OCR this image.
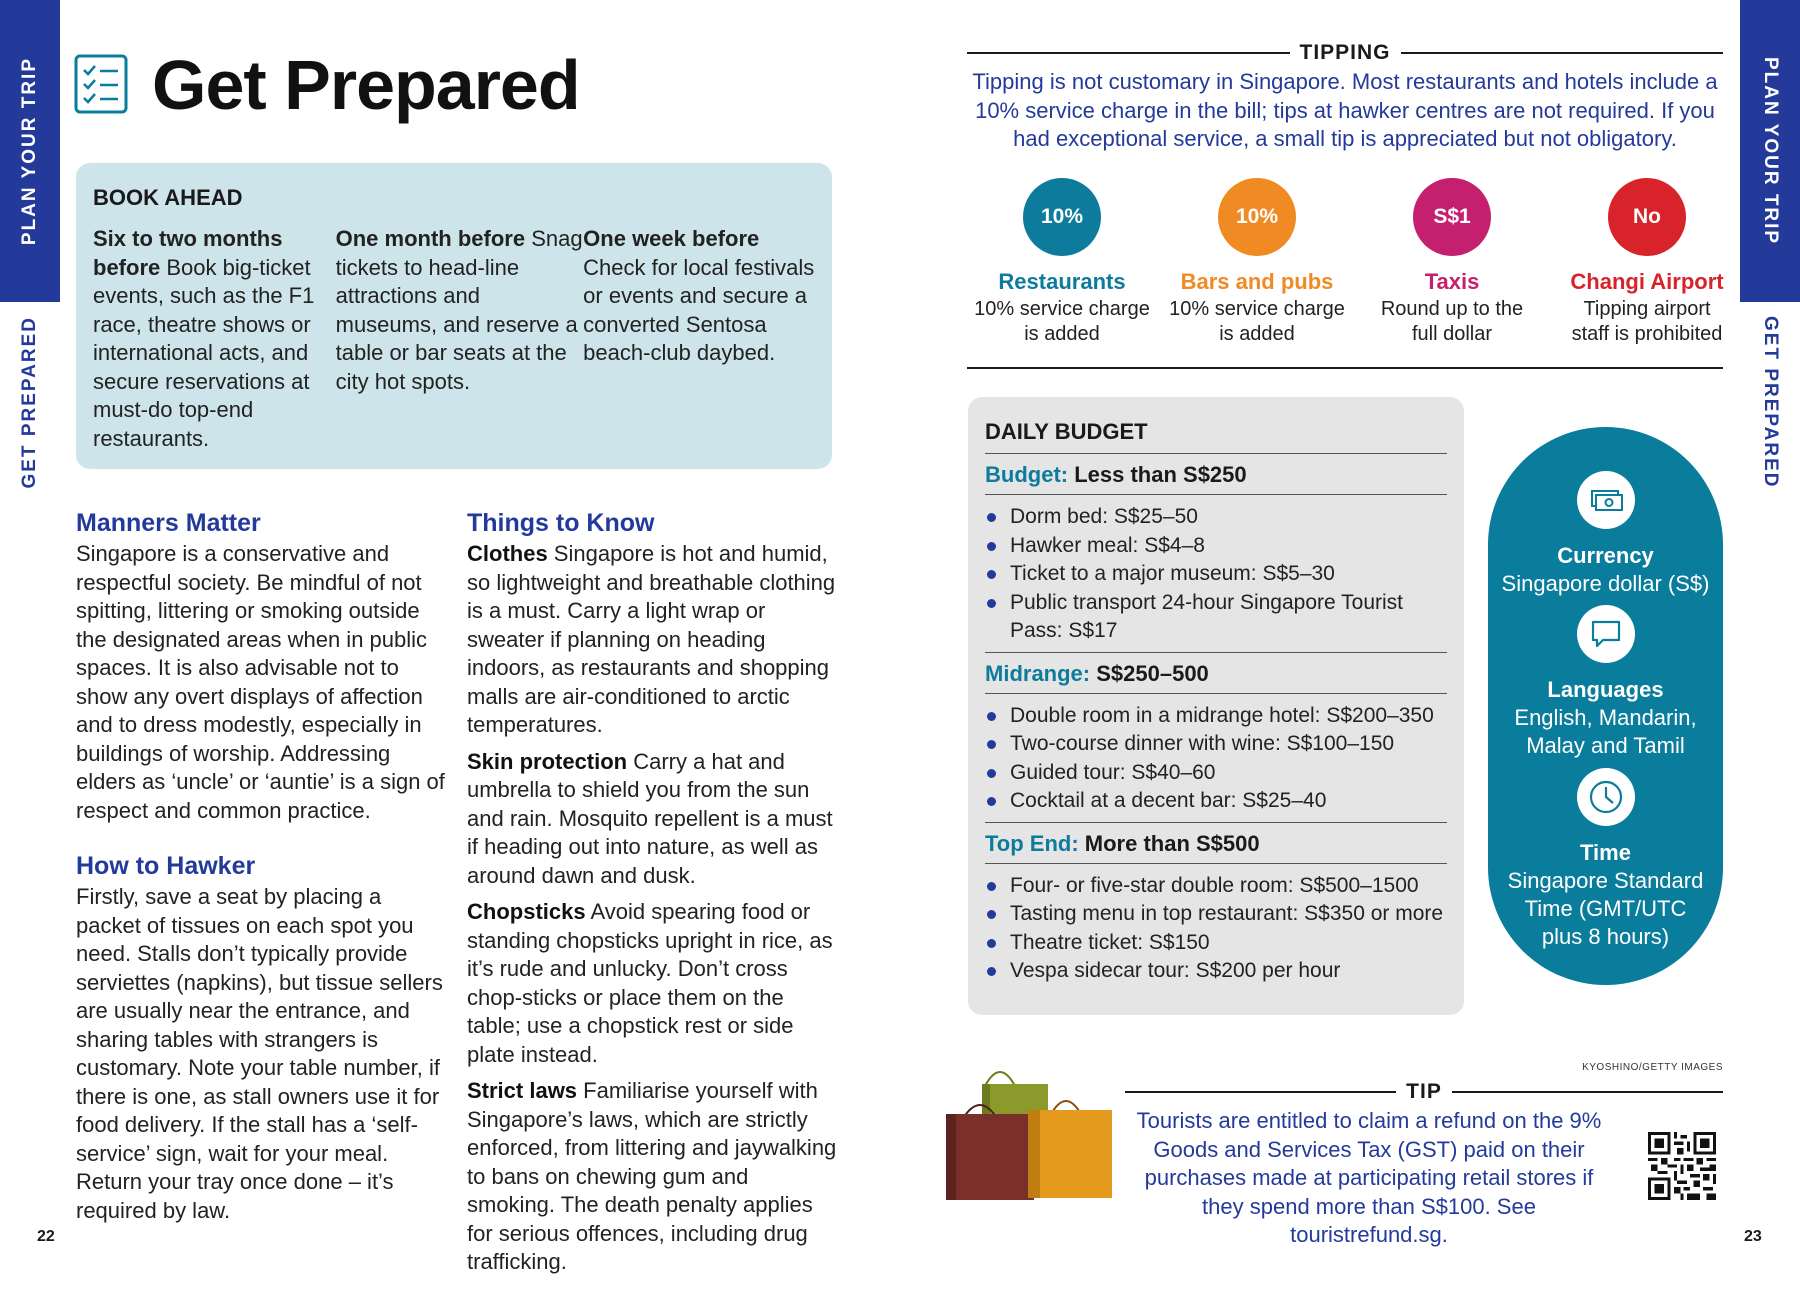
PLAN YOUR TRIP
GET PREPARED
PLAN YOUR TRIP
GET PREPARED
Get Prepared
BOOK AHEAD
Six to two months before Book big-ticket events, such as the F1 race, theatre shows or international acts, and secure reservations at must-do top-end restaurants.
One month before Snag tickets to head-line attractions and museums, and reserve a table or bar seats at the city hot spots.
One week before Check for local festivals or events and secure a converted Sentosa beach-club daybed.
Manners Matter

Singapore is a conservative and respectful society. Be mindful of not spitting, littering or smoking outside the designated areas when in public spaces. It is also advisable not to show any overt displays of affection and to dress modestly, especially in buildings of worship. Addressing elders as ‘uncle’ or ‘auntie’ is a sign of respect and common practice.

How to Hawker

Firstly, save a seat by placing a packet of tissues on each spot you need. Stalls don’t typically provide serviettes (napkins), but tissue sellers are usually near the entrance, and sharing tables with strangers is customary. Note your table number, if there is one, as stall owners use it for food delivery. If the stall has a ‘self-service’ sign, wait for your meal. Return your tray once done – it’s required by law.

Things to Know

Clothes Singapore is hot and humid, so lightweight and breathable clothing is a must. Carry a light wrap or sweater if planning on heading indoors, as restaurants and shopping malls are air-conditioned to arctic temperatures.

Skin protection Carry a hat and umbrella to shield you from the sun and rain. Mosquito repellent is a must if heading out into nature, as well as around dawn and dusk.

Chopsticks Avoid spearing food or standing chopsticks upright in rice, as it’s rude and unlucky. Don’t cross chop-sticks or place them on the table; use a chopstick rest or side plate instead.

Strict laws Familiarise yourself with Singapore’s laws, which are strictly enforced, from littering and jaywalking to bans on chewing gum and smoking. The death penalty applies for serious offences, including drug trafficking.

TIPPING

Tipping is not customary in Singapore. Most restaurants and hotels include a 10% service charge in the bill; tips at hawker centres are not required. If you had exceptional service, a small tip is appreciated but not obligatory.

10%
Restaurants
10% service charge
is added
10%
Bars and pubs
10% service charge
is added
S$1
Taxis
Round up to the
full dollar
No
Changi Airport
Tipping airport
staff is prohibited
DAILY BUDGET
Budget: Less than S$250
Dorm bed: S$25–50
Hawker meal: S$4–8
Ticket to a major museum: S$5–30
Public transport 24-hour Singapore Tourist Pass: S$17
Midrange: S$250–500
Double room in a midrange hotel: S$200–350
Two-course dinner with wine: S$100–150
Guided tour: S$40–60
Cocktail at a decent bar: S$25–40
Top End: More than S$500
Four- or five-star double room: S$500–1500
Tasting menu in top restaurant: S$350 or more
Theatre ticket: S$150
Vespa sidecar tour: S$200 per hour
Currency
Singapore dollar (S$)
Languages
English, Mandarin,
Malay and Tamil
Time
Singapore Standard
Time (GMT/UTC
plus 8 hours)
KYOSHINO/GETTY IMAGES
TIP

Tourists are entitled to claim a refund on the 9% Goods and Services Tax (GST) paid on their purchases made at participating retail stores if they spend more than S$100. See touristrefund.sg.

22	23
